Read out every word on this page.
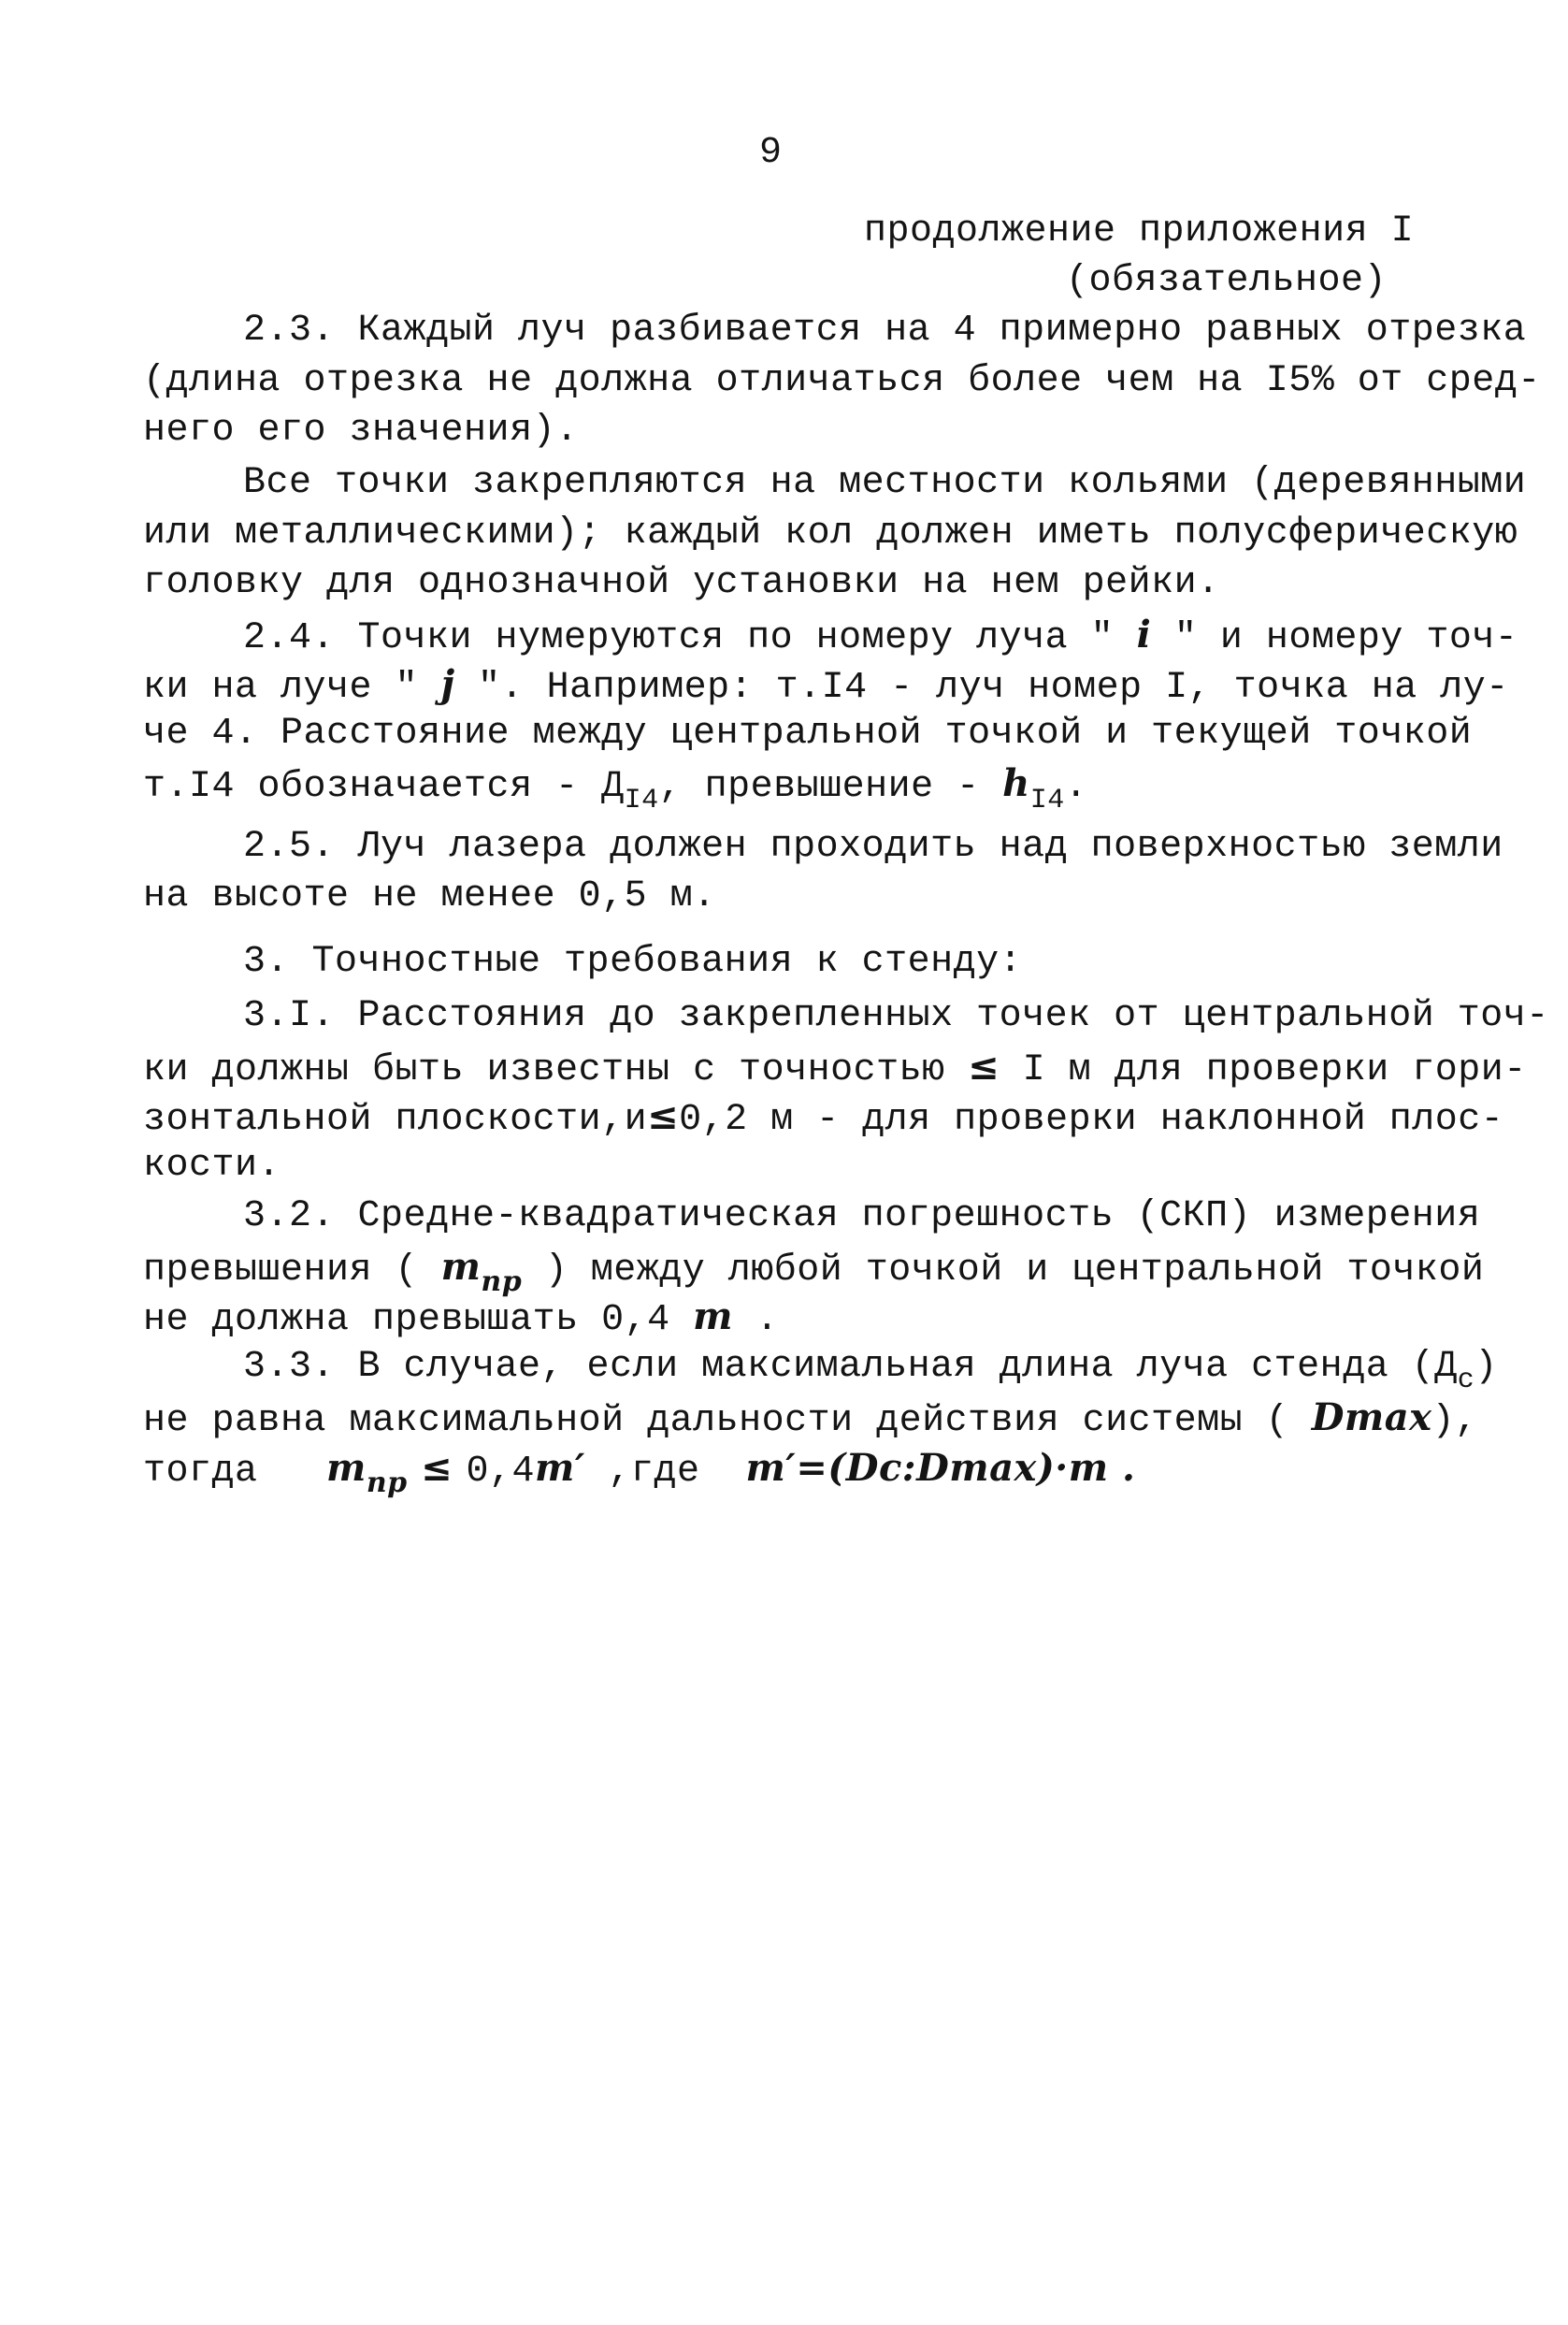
9
продолжение приложения I
(обязательное)
2.3. Каждый луч разбивается на 4 примерно равных отрезка
(длина отрезка не должна отличаться более чем на I5% от сред-
него его значения).
Все точки закрепляются на местности кольями (деревянными
или металлическими); каждый кол должен иметь полусферическую
головку для однозначной установки на нем рейки.
2.4. Точки нумеруются по номеру луча " i " и номеру точ-
ки на луче " j ". Например: т.I4 - луч номер I, точка на лу-
че 4. Расстояние между центральной точкой и текущей точкой
т.I4 обозначается - $Д_{I4}$, превышение - $h_{I4}$.
2.5. Луч лазера должен проходить над поверхностью земли
на высоте не менее 0,5 м.
3. Точностные требования к стенду:
3.I. Расстояния до закрепленных точек от центральной точ-
ки должны быть известны с точностью ≤ I м для проверки гори-
зонтальной плоскости,и≤0,2 м - для проверки наклонной плос-
кости.
3.2. Средне-квадратическая погрешность (СКП) измерения
превышения ( $m_{пр}$ ) между любой точкой и центральной точкой
не должна превышать 0,4 m .
3.3. В случае, если максимальная длина луча стенда $(Д_с)$
не равна максимальной дальности действия системы ( Dmax),
тогда   $m_{пр} \le 0,4m'$ ,где  m′=(Dc:Dmax)·m .
